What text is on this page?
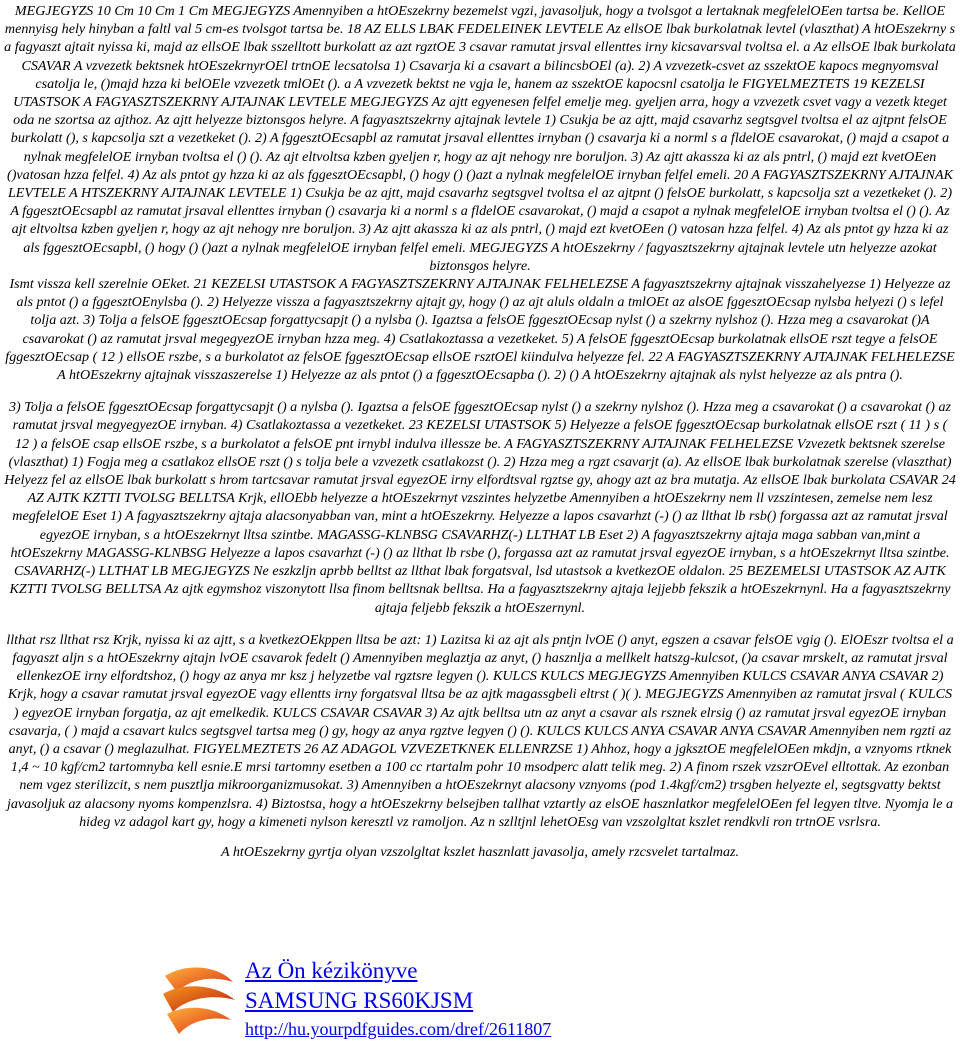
MEGJEGYZS 10 Cm 10 Cm 1 Cm MEGJEGYZS Amennyiben a htOEszekrny bezemelst vgzi, javasoljuk, hogy a tvolsgot a lertaknak megfelelOEen tartsa be. KellOE mennyisg hely hinyban a faltl val 5 cm-es tvolsgot tartsa be. 18 AZ ELLS LBAK FEDELEINEK LEVTELE Az ellsOE lbak burkolatnak levtel (vlaszthat) A htOEszekrny s a fagyaszt ajtait nyissa ki, majd az ellsOE lbak sszelltott burkolatt az azt rgztOE 3 csavar ramutat jrsval ellenttes irny kicsavarsval tvoltsa el. a Az ellsOE lbak burkolata CSAVAR A vzvezetk bektsnek htOEszekrnyrOEl trtnOE lecsatolsa 1) Csavarja ki a csavart a bilincsbOEl (a). 2) A vzvezetk-csvet az sszektOE kapocs megnyomsval csatolja le, ()majd hzza ki belOEle vzvezetk tmlOEt (). a A vzvezetk bektst ne vgja le, hanem az sszektOE kapocsnl csatolja le FIGYELMEZTETS 19 KEZELSI UTASTSOK A FAGYASZTSZEKRNY AJTAJNAK LEVTELE MEGJEGYZS Az ajtt egyenesen felfel emelje meg. gyeljen arra, hogy a vzvezetk csvet vagy a vezetk kteget oda ne szortsa az ajthoz. Az ajtt helyezze biztonsgos helyre. A fagyasztszekrny ajtajnak levtele 1) Csukja be az ajtt, majd csavarhz segtsgvel tvoltsa el az ajtpnt felsOE burkolatt (), s kapcsolja szt a vezetkeket (). 2) A fggesztOEcsapbl az ramutat jrsaval ellenttes irnyban () csavarja ki a norml s a fldelOE csavarokat, () majd a csapot a nylnak megfelelOE irnyban tvoltsa el () (). Az ajt eltvoltsa kzben gyeljen r, hogy az ajt nehogy nre boruljon. 3) Az ajtt akassza ki az als pntrl, () majd ezt kvetOEen ()vatosan hzza felfel. 4) Az als pntot gy hzza ki az als fggesztOEcsapbl, () hogy () ()azt a nylnak megfelelOE irnyban felfel emeli. 20 A FAGYASZTSZEKRNY AJTAJNAK LEVTELE A HTSZEKRNY AJTAJNAK LEVTELE 1) Csukja be az ajtt, majd csavarhz segtsgvel tvoltsa el az ajtpnt () felsOE burkolatt, s kapcsolja szt a vezetkeket (). 2) A fggesztOEcsapbl az ramutat jrsaval ellenttes irnyban () csavarja ki a norml s a fldelOE csavarokat, () majd a csapot a nylnak megfelelOE irnyban tvoltsa el () (). Az ajt eltvoltsa kzben gyeljen r, hogy az ajt nehogy nre boruljon. 3) Az ajtt akassza ki az als pntrl, () majd ezt kvetOEen () vatosan hzza felfel. 4) Az als pntot gy hzza ki az als fggesztOEcsapbl, () hogy () ()azt a nylnak megfelelOE irnyban felfel emeli. MEGJEGYZS A htOEszekrny / fagyasztszekrny ajtajnak levtele utn helyezze azokat biztonsgos helyre.

Ismt vissza kell szerelnie OEket. 21 KEZELSI UTASTSOK A FAGYASZTSZEKRNY AJTAJNAK FELHELEZSE A fagyasztszekrny ajtajnak visszahelyezse 1) Helyezze az als pntot () a fggesztOEnylsba (). 2) Helyezze vissza a fagyasztszekrny ajtajt gy, hogy () az ajt aluls oldaln a tmlOEt az alsOE fggesztOEcsap nylsba helyezi () s lefel tolja azt. 3) Tolja a felsOE fggesztOEcsap forgattycsapjt () a nylsba (). Igaztsa a felsOE fggesztOEcsap nylst () a szekrny nylshoz (). Hzza meg a csavarokat ()A csavarokat () az ramutat jrsval megegyezOE irnyban hzza meg. 4) Csatlakoztassa a vezetkeket. 5) A felsOE fggesztOEcsap burkolatnak ellsOE rszt tegye a felsOE fggesztOEcsap ( 12 ) ellsOE rszbe, s a burkolatot az felsOE fggesztOEcsap ellsOE rsztOEl kiindulva helyezze fel. 22 A FAGYASZTSZEKRNY AJTAJNAK FELHELEZSE A htOEszekrny ajtajnak visszaszerelse 1) Helyezze az als pntot () a fggesztOEcsapba (). 2) () A htOEszekrny ajtajnak als nylst helyezze az als pntra ().

3) Tolja a felsOE fggesztOEcsap forgattycsapjt () a nylsba (). Igaztsa a felsOE fggesztOEcsap nylst () a szekrny nylshoz (). Hzza meg a csavarokat () a csavarokat () az ramutat jrsval megyegyezOE irnyban. 4) Csatlakoztassa a vezetkeket. 23 KEZELSI UTASTSOK 5) Helyezze a felsOE fggesztOEcsap burkolatnak ellsOE rszt ( 11 ) s ( 12 ) a felsOE csap ellsOE rszbe, s a burkolatot a felsOE pnt irnybl indulva illessze be. A FAGYASZTSZEKRNY AJTAJNAK FELHELEZSE Vzvezetk bektsnek szerelse (vlaszthat) 1) Fogja meg a csatlakoz ellsOE rszt () s tolja bele a vzvezetk csatlakozst (). 2) Hzza meg a rgzt csavarjt (a). Az ellsOE lbak burkolatnak szerelse (vlaszthat) Helyezz fel az ellsOE lbak burkolatt s hrom tartcsavar ramutat jrsval egyezOE irny elfordtsval rgztse gy, ahogy azt az bra mutatja. Az ellsOE lbak burkolata CSAVAR 24 AZ AJTK KZTTI TVOLSG BELLTSA Krjk, ellOEbb helyezze a htOEszekrnyt vzszintes helyzetbe Amennyiben a htOEszekrny nem ll vzszintesen, zemelse nem lesz megfelelOE Eset 1) A fagyasztszekrny ajtaja alacsonyabban van, mint a htOEszekrny. Helyezze a lapos csavarhzt (-) () az llthat lb rsb() forgassa azt az ramutat jrsval egyezOE irnyban, s a htOEszekrnyt lltsa szintbe. MAGASSG-KLNBSG CSAVARHZ(-) LLTHAT LB Eset 2) A fagyasztszekrny ajtaja maga sabban van,mint a htOEszekrny MAGASSG-KLNBSG Helyezze a lapos csavarhzt (-) () az llthat lb rsbe (), forgassa azt az ramutat jrsval egyezOE irnyban, s a htOEszekrnyt lltsa szintbe. CSAVARHZ(-) LLTHAT LB MEGJEGYZS Ne eszkzljn aprbb belltst az llthat lbak forgatsval, lsd utastsok a kvetkezOE oldalon. 25 BEZEMELSI UTASTSOK AZ AJTK KZTTI TVOLSG BELLTSA Az ajtk egymshoz viszonytott llsa finom belltsnak belltsa. Ha a fagyasztszekrny ajtaja lejjebb fekszik a htOEszekrnynl. Ha a fagyasztszekrny ajtaja feljebb fekszik a htOEszernynl.

llthat rsz llthat rsz Krjk, nyissa ki az ajtt, s a kvetkezOEkppen lltsa be azt: 1) Lazitsa ki az ajt als pntjn lvOE () anyt, egszen a csavar felsOE vgig (). ElOEszr tvoltsa el a fagyaszt aljn s a htOEszekrny ajtajn lvOE csavarok fedelt () Amennyiben meglaztja az anyt, () hasznlja a mellkelt hatszg-kulcsot, ()a csavar mrskelt, az ramutat jrsval ellenkezOE irny elfordtshoz, () hogy az anya mr ksz j helyzetbe val rgztsre legyen (). KULCS KULCS MEGJEGYZS Amennyiben KULCS CSAVAR ANYA CSAVAR 2) Krjk, hogy a csavar ramutat jrsval egyezOE vagy ellentts irny forgatsval lltsa be az ajtk magassgbeli eltrst ( )( ). MEGJEGYZS Amennyiben az ramutat jrsval ( KULCS ) egyezOE irnyban forgatja, az ajt emelkedik. KULCS CSAVAR CSAVAR 3) Az ajtk belltsa utn az anyt a csavar als rsznek elrsig () az ramutat jrsval egyezOE irnyban csavarja, ( ) majd a csavart kulcs segtsgvel tartsa meg () gy, hogy az anya rgztve legyen () (). KULCS KULCS ANYA CSAVAR ANYA CSAVAR Amennyiben nem rgzti az anyt, () a csavar () meglazulhat. FIGYELMEZTETS 26 AZ ADAGOL VZVEZETKNEK ELLENRZSE 1) Ahhoz, hogy a jgksztOE megfelelOEen mkdjn, a vznyoms rtknek 1,4 ~ 10 kgf/cm2 tartomnyba kell esnie.E mrsi tartomny esetben a 100 cc rtartalm pohr 10 msodperc alatt telik meg. 2) A finom rszek vzszrOEvel elltottak. Az ezonban nem vgez sterilizcit, s nem pusztlja mikroorganizmusokat. 3) Amennyiben a htOEszekrnyt alacsony vznyoms (pod 1.4kgf/cm2) trsgben helyezte el, segtsgvatty bektst javasoljuk az alacsony nyoms kompenzlsra. 4) Biztostsa, hogy a htOEszekrny belsejben tallhat vztartly az elsOE hasznlatkor megfelelOEen fel legyen tltve. Nyomja le a hideg vz adagol kart gy, hogy a kimeneti nylson keresztl vz ramoljon. Az n szlltjnl lehetOEsg van vzszolgltat kszlet rendkvli ron trtnOE vsrlsra.

A htOEszekrny gyrtja olyan vzszolgltat kszlet hasznlatt javasolja, amely rzcsvelet tartalmaz.

Az Ön kézikönyve
SAMSUNG RS60KJSM
http://hu.yourpdfguides.com/dref/2611807
